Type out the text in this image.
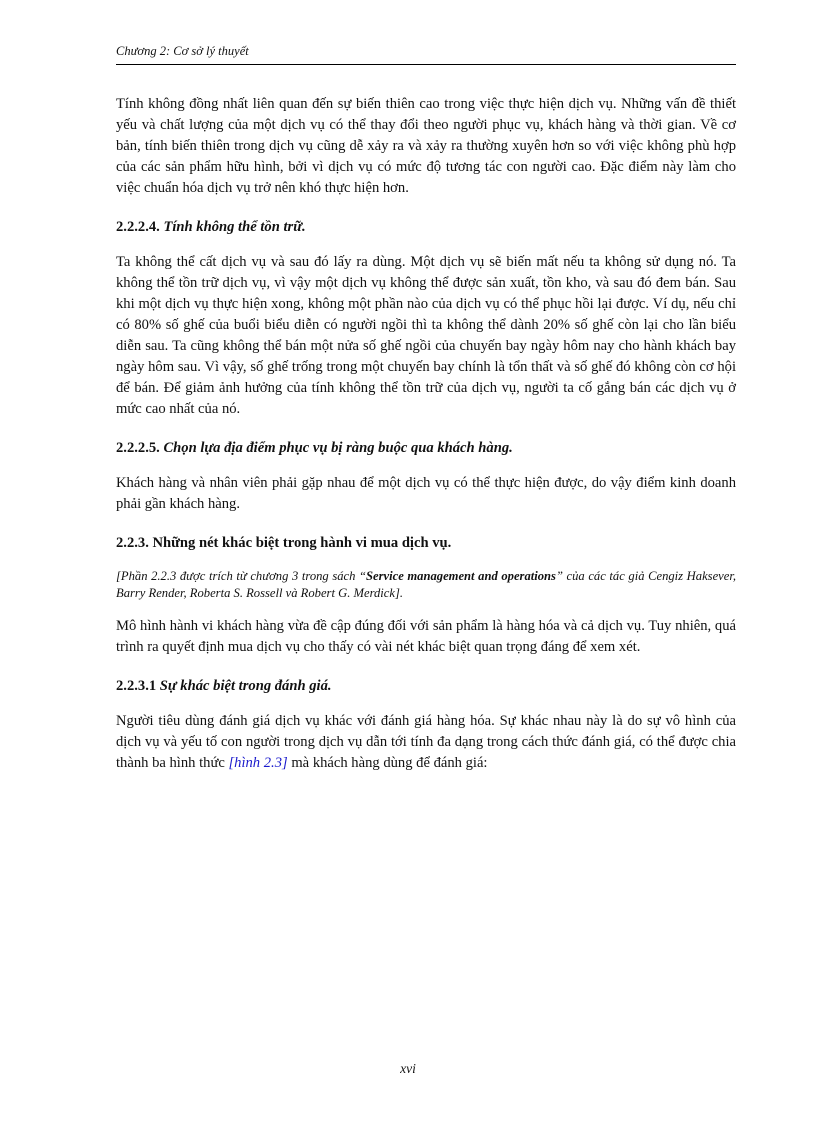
Chương 2: Cơ sở lý thuyết

Tính không đồng nhất liên quan đến sự biến thiên cao trong việc thực hiện dịch vụ. Những vấn đề thiết yếu và chất lượng của một dịch vụ có thể thay đổi theo người phục vụ, khách hàng và thời gian. Về cơ bản, tính biến thiên trong dịch vụ cũng dễ xảy ra và xảy ra thường xuyên hơn so với việc không phù hợp của các sản phẩm hữu hình, bởi vì dịch vụ có mức độ tương tác con người cao. Đặc điểm này làm cho việc chuẩn hóa dịch vụ trở nên khó thực hiện hơn.

2.2.2.4. Tính không thể tồn trữ.

Ta không thể cất dịch vụ và sau đó lấy ra dùng. Một dịch vụ sẽ biến mất nếu ta không sử dụng nó. Ta không thể tồn trữ dịch vụ, vì vậy một dịch vụ không thể được sản xuất, tồn kho, và sau đó đem bán. Sau khi một dịch vụ thực hiện xong, không một phần nào của dịch vụ có thể phục hồi lại được. Ví dụ, nếu chỉ có 80% số ghế của buổi biểu diễn có người ngồi thì ta không thể dành 20% số ghế còn lại cho lần biểu diễn sau. Ta cũng không thể bán một nửa số ghế ngồi của chuyến bay ngày hôm nay cho hành khách bay ngày hôm sau. Vì vậy, số ghế trống trong một chuyến bay chính là tổn thất và số ghế đó không còn cơ hội để bán. Để giảm ảnh hưởng của tính không thể tồn trữ của dịch vụ, người ta cố gắng bán các dịch vụ ở mức cao nhất của nó.

2.2.2.5. Chọn lựa địa điểm phục vụ bị ràng buộc qua khách hàng.

Khách hàng và nhân viên phải gặp nhau để một dịch vụ có thể thực hiện được, do vậy điểm kinh doanh phải gần khách hàng.

2.2.3. Những nét khác biệt trong hành vi mua dịch vụ.

[Phần 2.2.3 được trích từ chương 3 trong sách “Service management and operations” của các tác giả Cengiz Haksever, Barry Render, Roberta S. Rossell và Robert G. Merdick].

Mô hình hành vi khách hàng vừa đề cập đúng đối với sản phẩm là hàng hóa và cả dịch vụ. Tuy nhiên, quá trình ra quyết định mua dịch vụ cho thấy có vài nét khác biệt quan trọng đáng để xem xét.

2.2.3.1 Sự khác biệt trong đánh giá.

Người tiêu dùng đánh giá dịch vụ khác với đánh giá hàng hóa. Sự khác nhau này là do sự vô hình của dịch vụ và yếu tố con người trong dịch vụ dẫn tới tính đa dạng trong cách thức đánh giá, có thể được chia thành ba hình thức [hình 2.3] mà khách hàng dùng để đánh giá:

xvi
